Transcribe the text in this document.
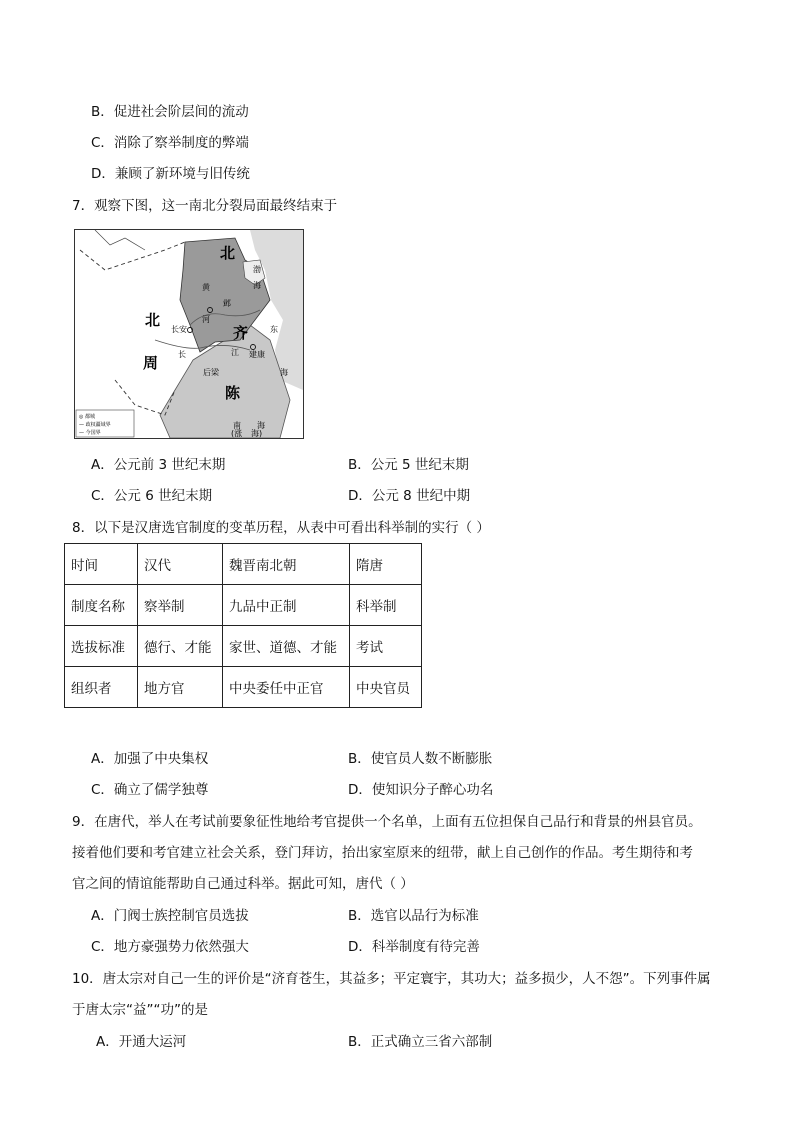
B．促进社会阶层间的流动
C．消除了察举制度的弊端
D．兼顾了新环境与旧传统
7．观察下图，这一南北分裂局面最终结束于
北
周
北
齐
陈
黄
河
邺
长安
长	江 建康
后梁
渤
海
东
海
南 海
(涨 海)
◎ 都城
— 政权疆域界
— 今国界
A．公元前 3 世纪末期	B．公元 5 世纪末期
C．公元 6 世纪末期	D．公元 8 世纪中期
8．以下是汉唐选官制度的变革历程，从表中可看出科举制的实行（ ）
时间	汉代	魏晋南北朝	隋唐
制度名称	察举制	九品中正制	科举制
选拔标准	德行、才能	家世、道德、才能	考试
组织者	地方官	中央委任中正官	中央官员
A．加强了中央集权	B．使官员人数不断膨胀
C．确立了儒学独尊	D．使知识分子醉心功名
9．在唐代，举人在考试前要象征性地给考官提供一个名单，上面有五位担保自己品行和背景的州县官员。
接着他们要和考官建立社会关系，登门拜访，抬出家室原来的纽带，献上自己创作的作品。考生期待和考
官之间的情谊能帮助自己通过科举。据此可知，唐代（ ）
A．门阀士族控制官员选拔	B．选官以品行为标准
C．地方豪强势力依然强大	D．科举制度有待完善
10．唐太宗对自己一生的评价是“济育苍生，其益多；平定寰宇，其功大；益多损少，人不怨”。下列事件属
于唐太宗“益”“功”的是
A．开通大运河	B．正式确立三省六部制
